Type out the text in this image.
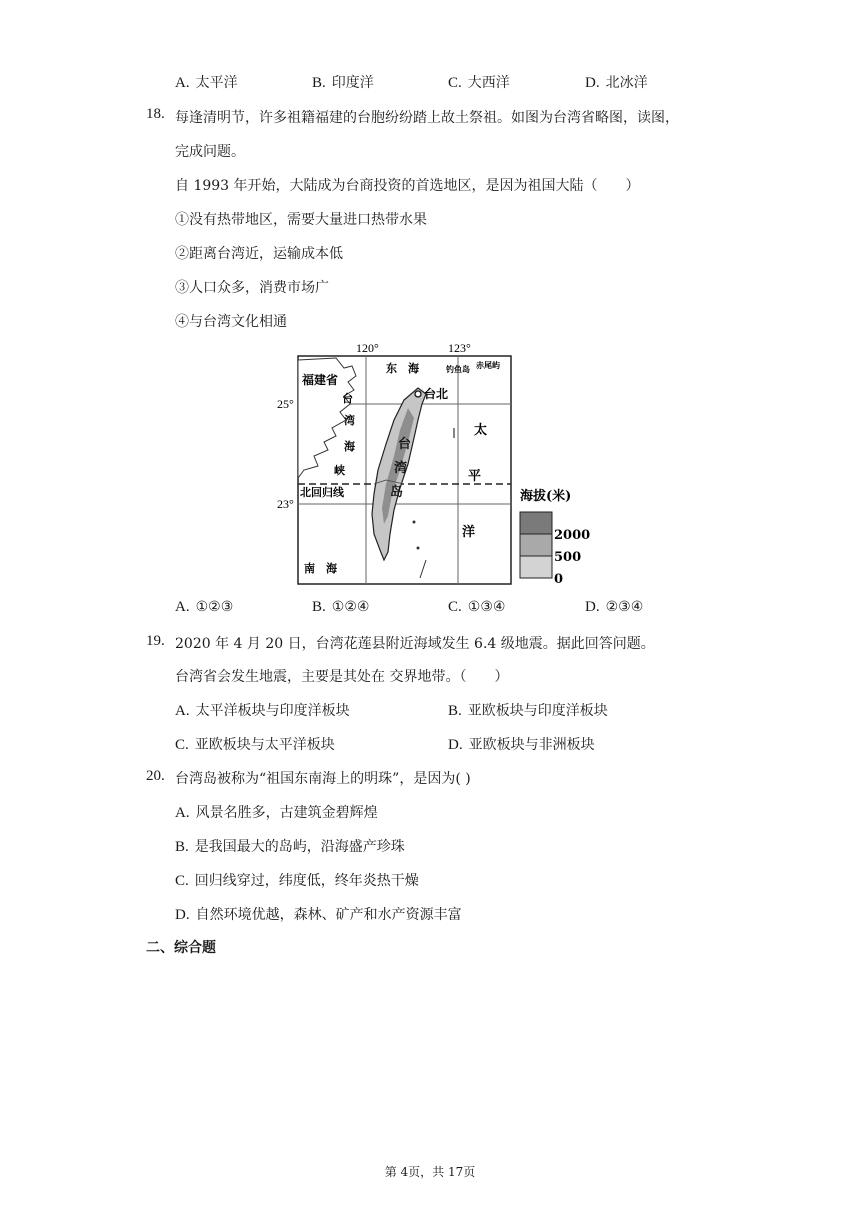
A. 太平洋	B. 印度洋	C. 大西洋	D. 北冰洋
18. 每逢清明节，许多祖籍福建的台胞纷纷踏上故土祭祖。如图为台湾省略图，读图，
完成问题。
自 1993 年开始，大陆成为台商投资的首选地区，是因为祖国大陆（　　）
①没有热带地区，需要大量进口热带水果
②距离台湾近，运输成本低
③人口众多，消费市场广
④与台湾文化相通
120°	123°
25°
23°
福建省
东　海	钓鱼岛 赤尾屿
台北
台
湾
海
峡
台
湾
岛
北回归线
太
平
洋
南　海
海拔(米)
2000
500
0
A. ①②③	B. ①②④	C. ①③④	D. ②③④
19. 2020 年 4 月 20 日，台湾花莲县附近海域发生 6.4 级地震。据此回答问题。
台湾省会发生地震，主要是其处在 交界地带。（　　）
A. 太平洋板块与印度洋板块	B. 亚欧板块与印度洋板块
C. 亚欧板块与太平洋板块	D. 亚欧板块与非洲板块
20. 台湾岛被称为“祖国东南海上的明珠”，是因为( )
A. 风景名胜多，古建筑金碧辉煌
B. 是我国最大的岛屿，沿海盛产珍珠
C. 回归线穿过，纬度低，终年炎热干燥
D. 自然环境优越，森林、矿产和水产资源丰富
二、综合题
第 4页，共 17页
